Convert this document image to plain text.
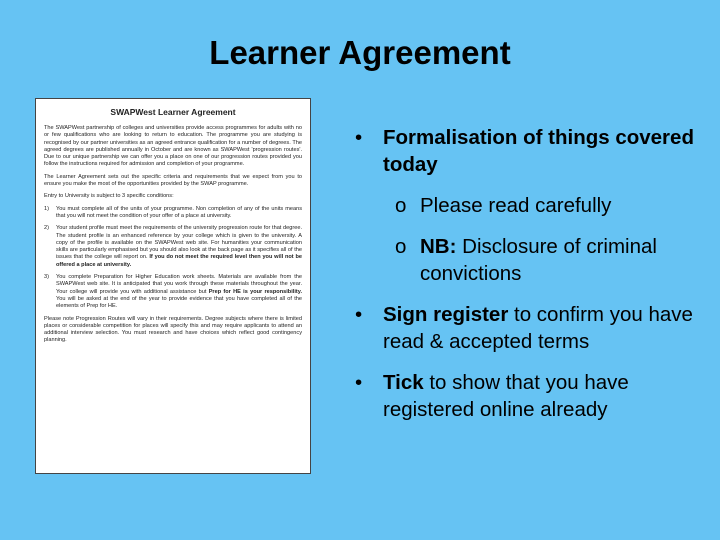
Learner Agreement
SWAPWest Learner Agreement

The SWAPWest partnership of colleges and universities provide access programmes for adults with no or few qualifications who are looking to return to education. The programme you are studying is recognised by our partner universities as an agreed entrance qualification for a number of degrees. The agreed degrees are published annually in October and are known as SWAPWest 'progression routes'. Due to our unique partnership we can offer you a place on one of our progression routes provided you follow the instructions required for admission and completion of your programme.

The Learner Agreement sets out the specific criteria and requirements that we expect from you to ensure you make the most of the opportunities provided by the SWAP programme.

Entry to University is subject to 3 specific conditions:

1)	You must complete all of the units of your programme. Non completion of any of the units means that you will not meet the condition of your offer of a place at university.
2)	Your student profile must meet the requirements of the university progression route for that degree. The student profile is an enhanced reference by your college which is given to the university. A copy of the profile is available on the SWAPWest web site. For humanities your communication skills are particularly emphasised but you should also look at the back page as it specifies all of the issues that the college will report on. If you do not meet the required level then you will not be offered a place at university.
3)	You complete Preparation for Higher Education work sheets. Materials are available from the SWAPWest web site. It is anticipated that you work through these materials throughout the year. Your college will provide you with additional assistance but Prep for HE is your responsibility. You will be asked at the end of the year to provide evidence that you have completed all of the elements of Prep for HE.

Please note Progression Routes will vary in their requirements. Degree subjects where there is limited places or considerable competition for places will specify this and may require applicants to attend an additional interview selection. You must research and have choices which reflect good contingency planning.

•	Formalisation of things covered today
o Please read carefully
o NB: Disclosure of criminal convictions
•	Sign register to confirm you have read & accepted terms
•	Tick to show that you have registered online already
